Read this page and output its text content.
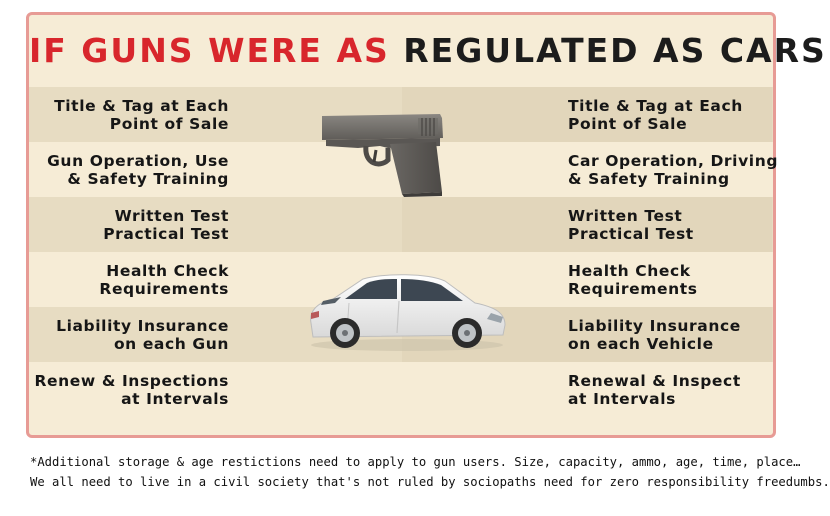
IF GUNS WERE AS REGULATED AS CARS
Title & Tag at Each
Point of Sale
Title & Tag at Each
Point of Sale
Gun Operation, Use
& Safety Training
Car Operation, Driving
& Safety Training
Written Test
Practical Test
Written Test
Practical Test
Health Check
Requirements
Health Check
Requirements
Liability Insurance
on each Gun
Liability Insurance
on each Vehicle
Renew & Inspections
at Intervals
Renewal & Inspect
at Intervals
*Additional storage & age restictions need to apply to gun users. Size, capacity, ammo, age, time, place…
We all need to live in a civil society that's not ruled by sociopaths need for zero responsibility freedumbs.
